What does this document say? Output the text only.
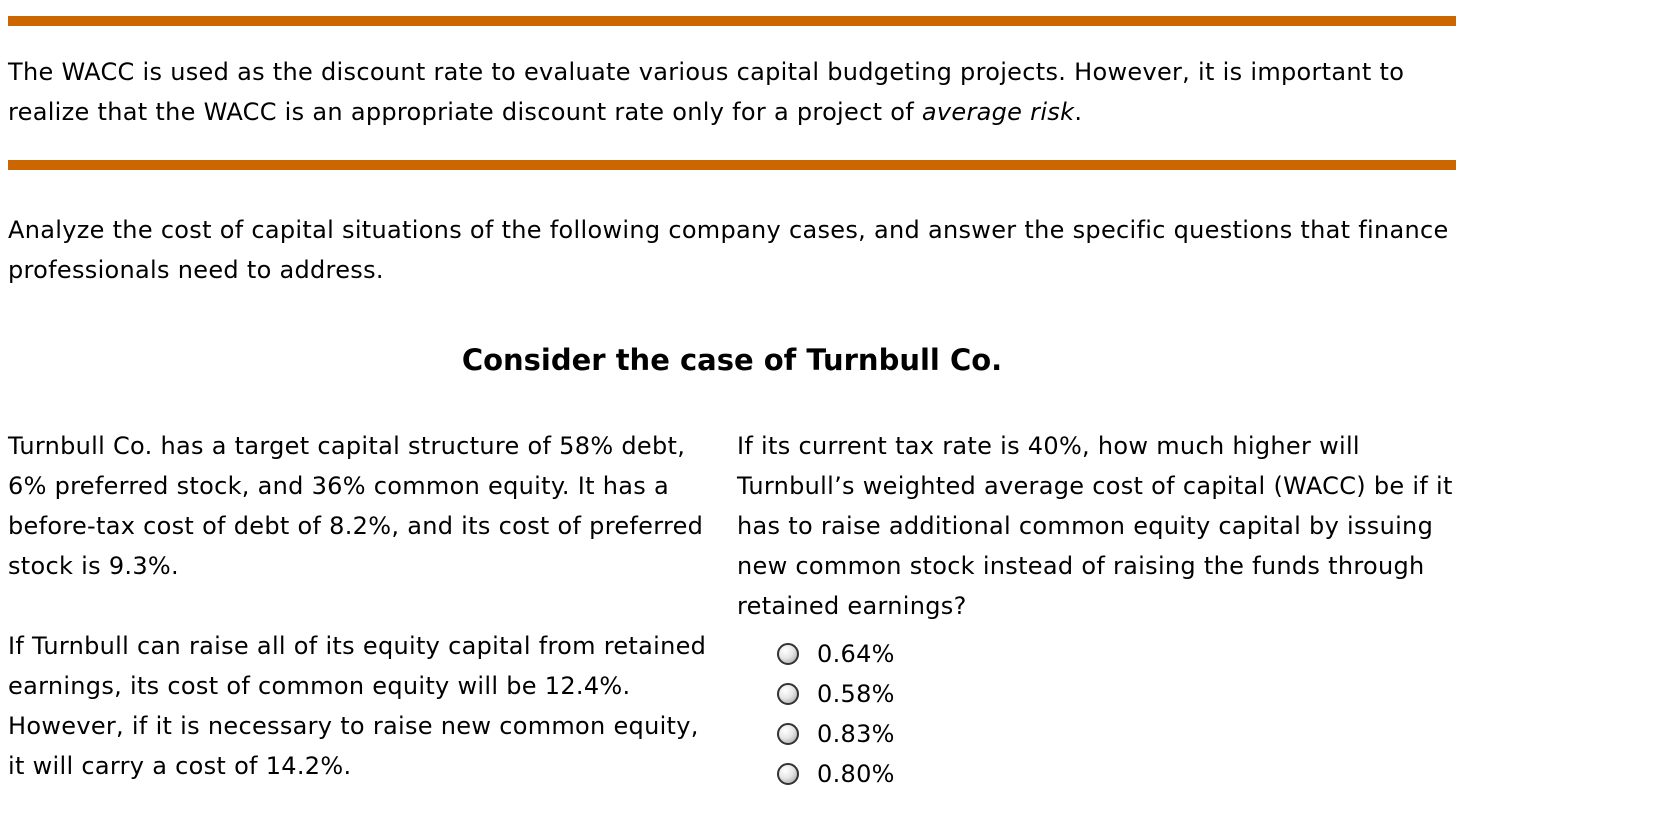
The WACC is used as the discount rate to evaluate various capital budgeting projects. However, it is important to realize that the WACC is an appropriate discount rate only for a project of average risk.

Analyze the cost of capital situations of the following company cases, and answer the specific questions that finance professionals need to address.

Consider the case of Turnbull Co.

Turnbull Co. has a target capital structure of 58% debt, 6% preferred stock, and 36% common equity. It has a before-tax cost of debt of 8.2%, and its cost of preferred stock is 9.3%.

If Turnbull can raise all of its equity capital from retained earnings, its cost of common equity will be 12.4%. However, if it is necessary to raise new common equity, it will carry a cost of 14.2%.

If its current tax rate is 40%, how much higher will Turnbull’s weighted average cost of capital (WACC) be if it has to raise additional common equity capital by issuing new common stock instead of raising the funds through retained earnings?

0.64%
0.58%
0.83%
0.80%
